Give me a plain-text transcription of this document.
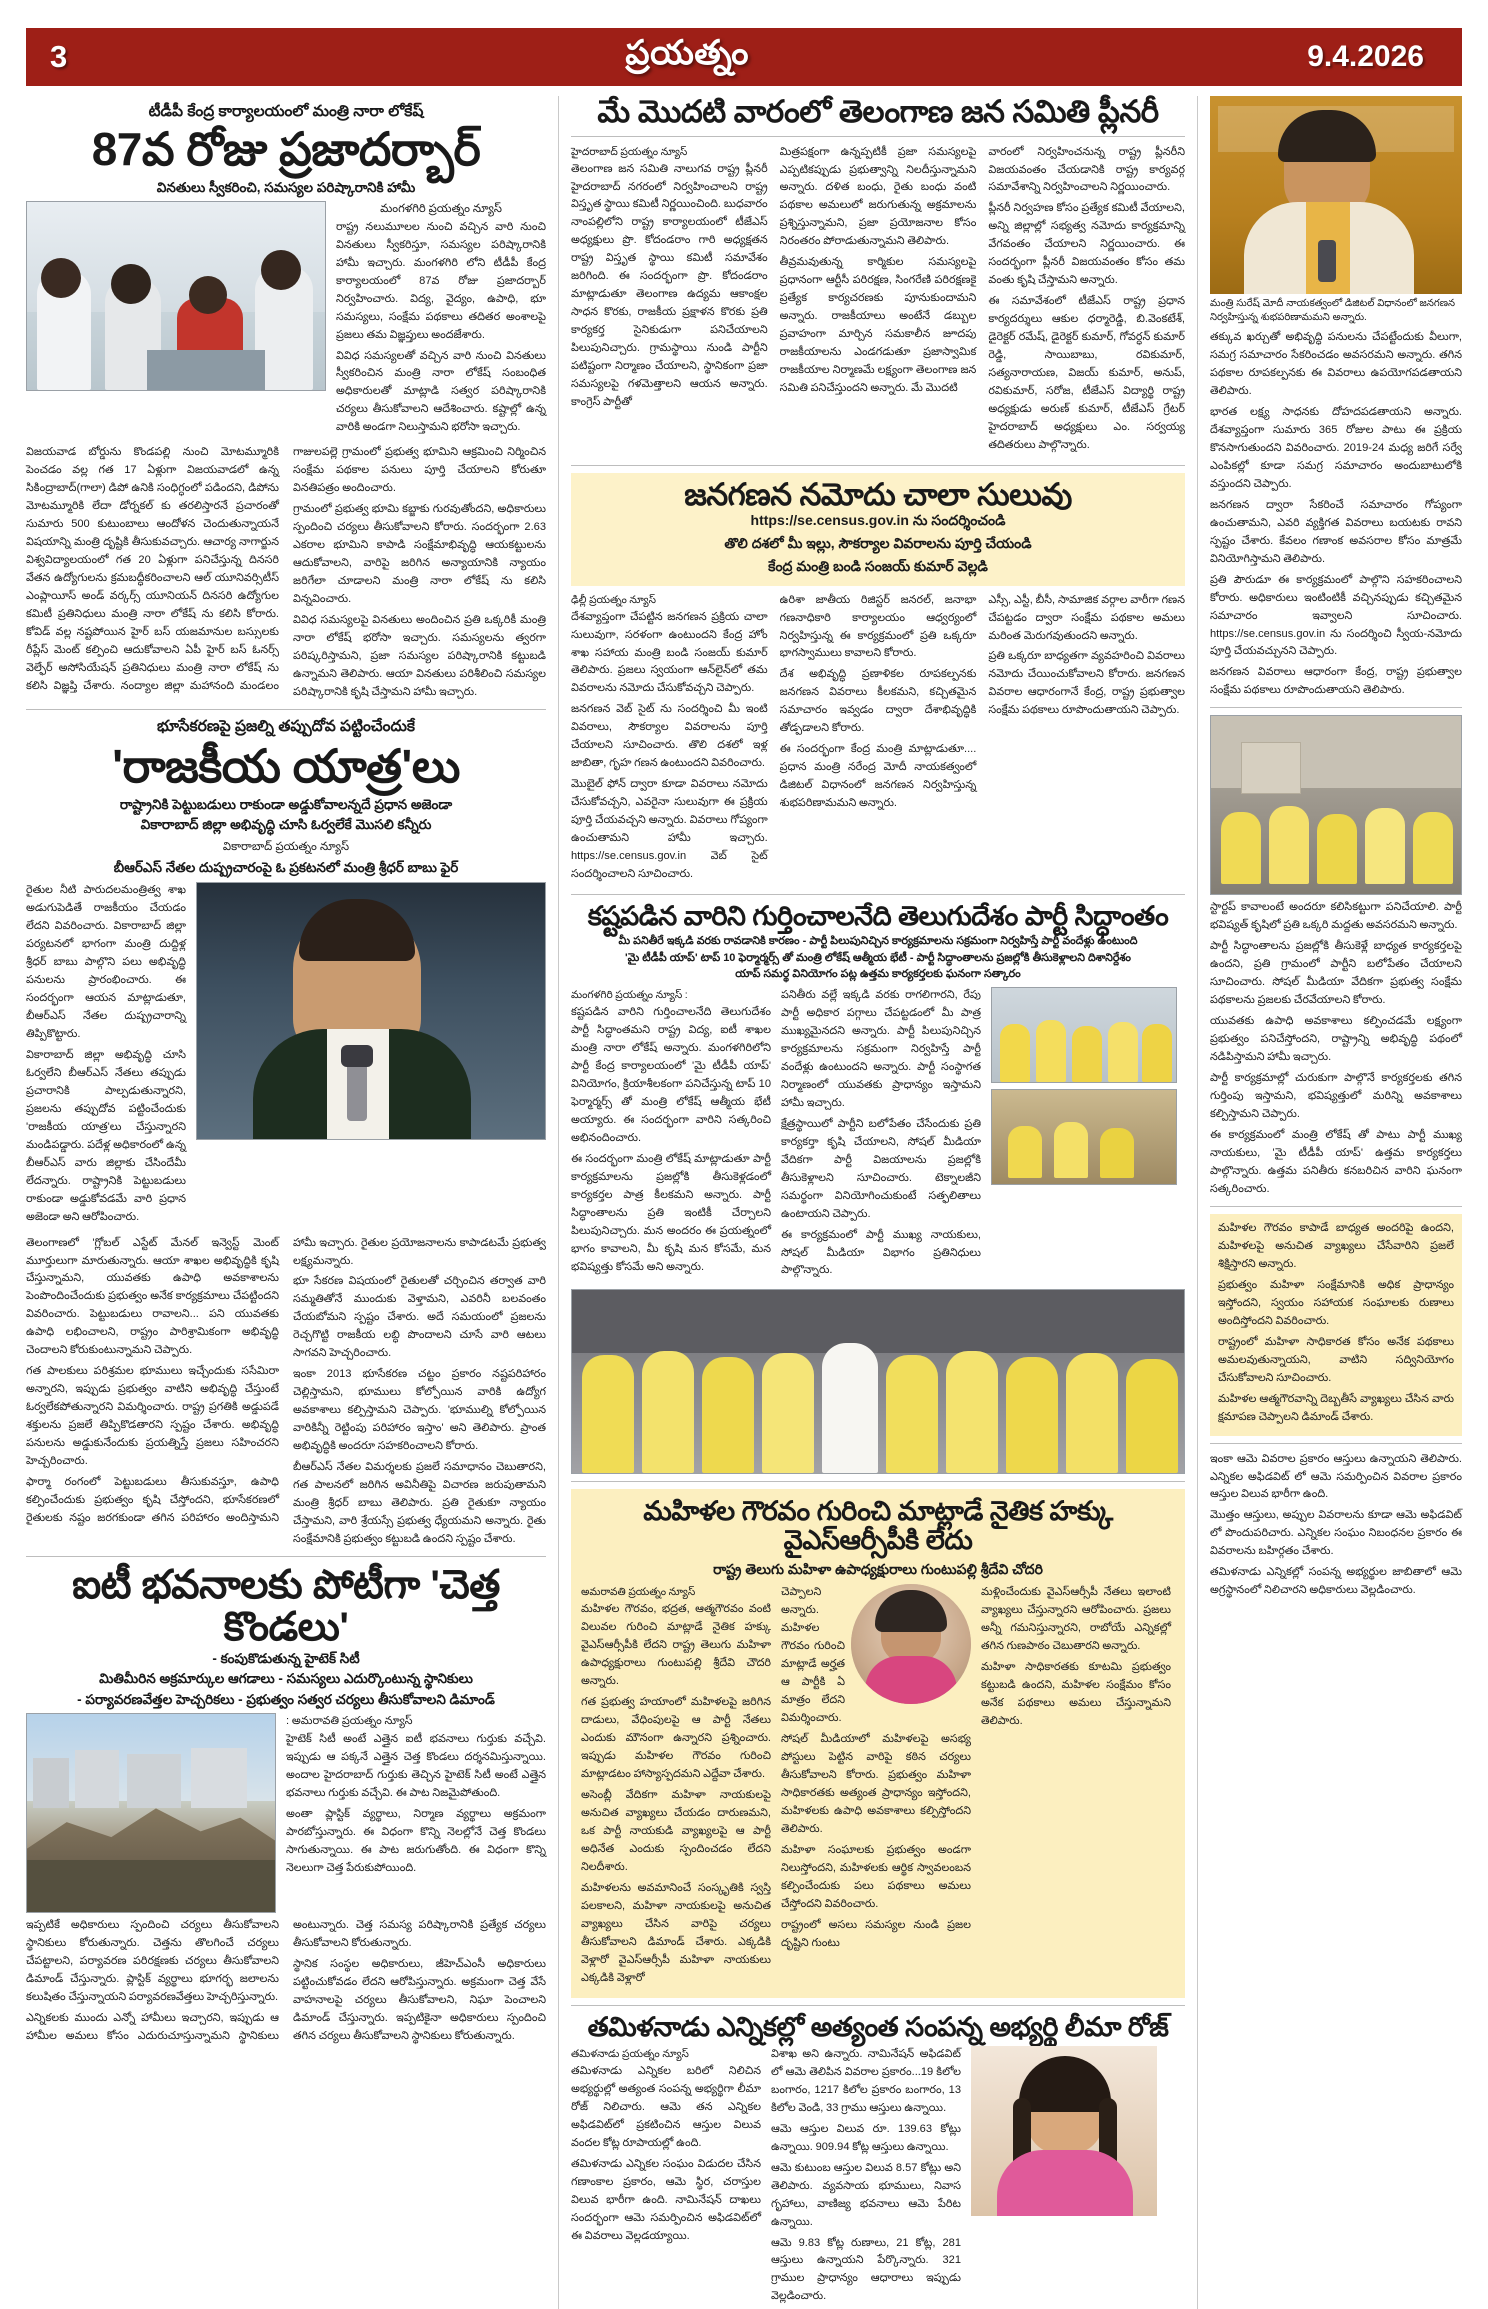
3	ప్రయత్నం	9.4.2026
టీడీపీ కేంద్ర కార్యాలయంలో మంత్రి నారా లోకేష్
87వ రోజు ప్రజాదర్బార్
వినతులు స్వీకరించి, సమస్యల పరిష్కారానికి హామీ
మంగళగిరి ప్రయత్నం న్యూస్

రాష్ట్ర నలుమూలల నుంచి వచ్చిన వారి నుంచి వినతులు స్వీకరిస్తూ, సమస్యల పరిష్కారానికి హామీ ఇచ్చారు. మంగళగిరి లోని టీడీపీ కేంద్ర కార్యాలయంలో 87వ రోజు ప్రజాదర్బార్ నిర్వహించారు. విద్య, వైద్యం, ఉపాధి, భూ సమస్యలు, సంక్షేమ పథకాలు తదితర అంశాలపై ప్రజలు తమ విజ్ఞప్తులు అందజేశారు.

వివిధ సమస్యలతో వచ్చిన వారి నుంచి వినతులు స్వీకరించిన మంత్రి నారా లోకేష్ సంబంధిత అధికారులతో మాట్లాడి సత్వర పరిష్కారానికి చర్యలు తీసుకోవాలని ఆదేశించారు. కష్టాల్లో ఉన్న వారికి అండగా నిలుస్తామని భరోసా ఇచ్చారు.

విజయవాడ బోర్డును కొండపల్లి నుంచి మోటమ్మూరికి పెంచడం వల్ల గత 17 ఏళ్లుగా విజయవాడలో ఉన్న సికింద్రాబాద్(గాలా) డిపో ఉనికి సంధిగ్ధంలో పడిందని, డిపోను మోటమ్మూరికి లేదా డోర్నకల్ కు తరలిస్తారనే ప్రచారంతో సుమారు 500 కుటుంబాలు ఆందోళన చెందుతున్నాయనే విషయాన్ని మంత్రి దృష్టికి తీసుకువచ్చారు. ఆచార్య నాగార్జున విశ్వవిద్యాలయంలో గత 20 ఏళ్లుగా పనిచేస్తున్న దినసరి వేతన ఉద్యోగులను క్రమబద్ధీకరించాలని ఆల్ యూనివర్సిటీస్ ఎంప్లాయీస్ అండ్ వర్కర్స్ యూనియన్ దినసరి ఉద్యోగుల కమిటీ ప్రతినిధులు మంత్రి నారా లోకేష్ ను కలిసి కోరారు. కోవిడ్ వల్ల నష్టపోయిన హైర్ బస్ యజమానుల బస్సులకు రీప్లేస్ మెంట్ కల్పించి ఆదుకోవాలని ఏపీ హైర్ బస్ ఓనర్స్ వెల్ఫేర్ అసోసియేషన్ ప్రతినిధులు మంత్రి నారా లోకేష్ ను కలిసి విజ్ఞప్తి చేశారు. నంద్యాల జిల్లా మహానంది మండలం గాజులపల్లె గ్రామంలో ప్రభుత్వ భూమిని ఆక్రమించి నిర్మించిన సంక్షేమ పథకాల పనులు పూర్తి చేయాలని కోరుతూ వినతిపత్రం అందించారు.

గ్రామంలో ప్రభుత్వ భూమి కబ్జాకు గురవుతోందని, అధికారులు స్పందించి చర్యలు తీసుకోవాలని కోరారు. సందర్భంగా 2.63 ఎకరాల భూమిని కాపాడి సంక్షేమాభివృద్ధి ఆయకట్టులను ఆదుకోవాలని, వారిపై జరిగిన అన్యాయానికి న్యాయం జరిగేలా చూడాలని మంత్రి నారా లోకేష్ ను కలిసి విన్నవించారు.

వివిధ సమస్యలపై వినతులు అందించిన ప్రతి ఒక్కరికీ మంత్రి నారా లోకేష్ భరోసా ఇచ్చారు. సమస్యలను త్వరగా పరిష్కరిస్తామని, ప్రజా సమస్యల పరిష్కారానికి కట్టుబడి ఉన్నామని తెలిపారు. ఆయా వినతులు పరిశీలించి సమస్యల పరిష్కారానికి కృషి చేస్తామని హామీ ఇచ్చారు.

భూసేకరణపై ప్రజల్ని తప్పుదోవ పట్టించేందుకే
'రాజకీయ యాత్ర'లు
రాష్ట్రానికి పెట్టుబడులు రాకుండా అడ్డుకోవాలన్నదే ప్రధాన అజెండా
వికారాబాద్ జిల్లా అభివృద్ధి చూసి ఓర్వలేకే మొసలి కన్నీరు
వికారాబాద్ ప్రయత్నం న్యూస్
బీఆర్ఎస్ నేతల దుష్ప్రచారంపై ఓ ప్రకటనలో మంత్రి శ్రీధర్ బాబు ఫైర్

రైతుల నీటి పారుదలమంత్రిత్వ శాఖ అడుగుపెడితే రాజకీయం చేయడం లేదని వివరించారు. వికారాబాద్ జిల్లా పర్యటనలో భాగంగా మంత్రి దుద్దిళ్ల శ్రీధర్ బాబు పాల్గొని పలు అభివృద్ధి పనులను ప్రారంభించారు. ఈ సందర్భంగా ఆయన మాట్లాడుతూ, బీఆర్ఎస్ నేతల దుష్ప్రచారాన్ని తిప్పికొట్టారు.

వికారాబాద్ జిల్లా అభివృద్ధి చూసి ఓర్వలేని బీఆర్ఎస్ నేతలు తప్పుడు ప్రచారానికి పాల్పడుతున్నారని, ప్రజలను తప్పుదోవ పట్టించేందుకు 'రాజకీయ యాత్ర'లు చేస్తున్నారని మండిపడ్డారు. పదేళ్ల అధికారంలో ఉన్న బీఆర్ఎస్ వారు జిల్లాకు చేసిందేమీ లేదన్నారు. రాష్ట్రానికి పెట్టుబడులు రాకుండా అడ్డుకోవడమే వారి ప్రధాన అజెండా అని ఆరోపించారు.

తెలంగాణలో 'గ్లోబల్ ఎస్టేట్ మేనల్ ఇన్వెస్ట్ మెంట్ మూర్తులుగా మారుతున్నారు. ఆయా శాఖల అభివృద్ధికి కృషి చేస్తున్నామని, యువతకు ఉపాధి అవకాశాలను పెంపొందించేందుకు ప్రభుత్వం అనేక కార్యక్రమాలు చేపట్టిందని వివరించారు. పెట్టుబడులు రావాలని... పని యువతకు ఉపాధి లభించాలని, రాష్ట్రం పారిశ్రామికంగా అభివృద్ధి చెందాలని కోరుకుంటున్నామని చెప్పారు.

గత పాలకులు పరిశ్రమల భూములు ఇచ్చేందుకు ససేమిరా అన్నారని, ఇప్పుడు ప్రభుత్వం వాటిని అభివృద్ధి చేస్తుంటే ఓర్వలేకపోతున్నారని విమర్శించారు. రాష్ట్ర ప్రగతికి అడ్డుపడే శక్తులను ప్రజలే తిప్పికొడతారని స్పష్టం చేశారు. అభివృద్ధి పనులను అడ్డుకునేందుకు ప్రయత్నిస్తే ప్రజలు సహించరని హెచ్చరించారు.

ఫార్మా రంగంలో పెట్టుబడులు తీసుకువస్తూ, ఉపాధి కల్పించేందుకు ప్రభుత్వం కృషి చేస్తోందని, భూసేకరణలో రైతులకు నష్టం జరగకుండా తగిన పరిహారం అందిస్తామని హామీ ఇచ్చారు. రైతుల ప్రయోజనాలను కాపాడటమే ప్రభుత్వ లక్ష్యమన్నారు.

భూ సేకరణ విషయంలో రైతులతో చర్చించిన తర్వాత వారి సమ్మతితోనే ముందుకు వెళ్తామని, ఎవరినీ బలవంతం చేయబోమని స్పష్టం చేశారు. అదే సమయంలో ప్రజలను రెచ్చగొట్టి రాజకీయ లబ్ధి పొందాలని చూసే వారి ఆటలు సాగవని హెచ్చరించారు.

ఇంకా 2013 భూసేకరణ చట్టం ప్రకారం నష్టపరిహారం చెల్లిస్తామని, భూములు కోల్పోయిన వారికి ఉద్యోగ అవకాశాలు కల్పిస్తామని చెప్పారు. 'భూముల్ని కోల్పోయిన వారికిన్నీ రెట్టింపు పరిహారం ఇస్తాం' అని తెలిపారు. ప్రాంత అభివృద్ధికి అందరూ సహకరించాలని కోరారు.

బీఆర్ఎస్ నేతల విమర్శలకు ప్రజలే సమాధానం చెబుతారని, గత పాలనలో జరిగిన అవినీతిపై విచారణ జరుపుతామని మంత్రి శ్రీధర్ బాబు తెలిపారు. ప్రతి రైతుకూ న్యాయం చేస్తామని, వారి శ్రేయస్సే ప్రభుత్వ ధ్యేయమని అన్నారు. రైతు సంక్షేమానికి ప్రభుత్వం కట్టుబడి ఉందని స్పష్టం చేశారు.

ఐటీ భవనాలకు పోటీగా 'చెత్త కొండలు'
- కంపుకొడుతున్న హైటెక్ సిటీ
మితిమీరిన అక్రమార్కుల ఆగడాలు - సమస్యలు ఎదుర్కొంటున్న స్థానికులు
- పర్యావరణవేత్తల హెచ్చరికలు - ప్రభుత్వం సత్వర చర్యలు తీసుకోవాలని డిమాండ్
: అమరావతి ప్రయత్నం న్యూస్

హైటెక్ సిటీ అంటే ఎత్తైన ఐటీ భవనాలు గుర్తుకు వచ్చేవి. ఇప్పుడు ఆ పక్కనే ఎత్తైన చెత్త కొండలు దర్శనమిస్తున్నాయి. అందాల హైదరాబాద్ గుర్తుకు తెచ్చిన హైటెక్ సిటీ అంటే ఎత్తైన భవనాలు గుర్తుకు వచ్చేవి. ఈ పాట నిజమైపోతుంది.

అంతా ప్లాస్టిక్ వ్యర్థాలు, నిర్మాణ వ్యర్థాలు అక్రమంగా పారబోస్తున్నారు. ఈ విధంగా కొన్ని నెలల్లోనే చెత్త కొండలు సాగుతున్నాయి. ఈ పాట జరుగుతోంది. ఈ విధంగా కొన్ని నెలలుగా చెత్త పేరుకుపోయింది.

ఇప్పటికే అధికారులు స్పందించి చర్యలు తీసుకోవాలని స్థానికులు కోరుతున్నారు. చెత్తను తొలగించే చర్యలు చేపట్టాలని, పర్యావరణ పరిరక్షణకు చర్యలు తీసుకోవాలని డిమాండ్ చేస్తున్నారు. ప్లాస్టిక్ వ్యర్థాలు భూగర్భ జలాలను కలుషితం చేస్తున్నాయని పర్యావరణవేత్తలు హెచ్చరిస్తున్నారు.

ఎన్నికలకు ముందు ఎన్నో హామీలు ఇచ్చారని, ఇప్పుడు ఆ హామీల అమలు కోసం ఎదురుచూస్తున్నామని స్థానికులు అంటున్నారు. చెత్త సమస్య పరిష్కారానికి ప్రత్యేక చర్యలు తీసుకోవాలని కోరుతున్నారు.

స్థానిక సంస్థల అధికారులు, జీహెచ్ఎంసీ అధికారులు పట్టించుకోవడం లేదని ఆరోపిస్తున్నారు. అక్రమంగా చెత్త వేసే వాహనాలపై చర్యలు తీసుకోవాలని, నిఘా పెంచాలని డిమాండ్ చేస్తున్నారు. ఇప్పటికైనా అధికారులు స్పందించి తగిన చర్యలు తీసుకోవాలని స్థానికులు కోరుతున్నారు.

మే మొదటి వారంలో తెలంగాణ జన సమితి ప్లీనరీ
హైదరాబాద్ ప్రయత్నం న్యూస్

తెలంగాణ జన సమితి నాలుగవ రాష్ట్ర ప్లీనరీ హైదరాబాద్ నగరంలో నిర్వహించాలని రాష్ట్ర విస్తృత స్థాయి కమిటీ నిర్ణయించింది. బుధవారం నాంపల్లిలోని రాష్ట్ర కార్యాలయంలో టీజేఎస్ అధ్యక్షులు ప్రొ. కోదండరాం గారి అధ్యక్షతన రాష్ట్ర విస్తృత స్థాయి కమిటీ సమావేశం జరిగింది. ఈ సందర్భంగా ప్రొ. కోదండరాం మాట్లాడుతూ తెలంగాణ ఉద్యమ ఆకాంక్షల సాధన కొరకు, రాజకీయ ప్రక్షాళన కొరకు ప్రతి కార్యకర్త సైనికుడుగా పనిచేయాలని పిలుపునిచ్చారు. గ్రామస్థాయి నుండి పార్టీని పటిష్టంగా నిర్మాణం చేయాలని, స్థానికంగా ప్రజా సమస్యలపై గళమెత్తాలని ఆయన అన్నారు. కాంగ్రెస్ పార్టీతో

మిత్రపక్షంగా ఉన్నప్పటికీ ప్రజా సమస్యలపై ఎప్పటికప్పుడు ప్రభుత్వాన్ని నిలదీస్తున్నామని అన్నారు. దళిత బంధు, రైతు బంధు వంటి పథకాల అమలులో జరుగుతున్న అక్రమాలను ప్రశ్నిస్తున్నామని, ప్రజా ప్రయోజనాల కోసం నిరంతరం పోరాడుతున్నామని తెలిపారు.

తీవ్రమవుతున్న కార్మికుల సమస్యలపై ప్రధానంగా ఆర్టీసీ పరిరక్షణ, సింగరేణి పరిరక్షణకై ప్రత్యేక కార్యచరణకు పూనుకుందామని అన్నారు. రాజకీయాలు అంటేనే డబ్బుల ప్రవాహంగా మార్చిన సమకాలీన జూదపు రాజకీయాలను ఎండగడుతూ ప్రజాస్వామిక రాజకీయాల నిర్మాణమే లక్ష్యంగా తెలంగాణ జన సమితి పనిచేస్తుందని అన్నారు. మే మొదటి

వారంలో నిర్వహించనున్న రాష్ట్ర ప్లీనరీని విజయవంతం చేయడానికి రాష్ట్ర కార్యవర్గ సమావేశాన్ని నిర్వహించాలని నిర్ణయించారు.

ప్లీనరీ నిర్వహణ కోసం ప్రత్యేక కమిటీ వేయాలని, అన్ని జిల్లాల్లో సభ్యత్వ నమోదు కార్యక్రమాన్ని వేగవంతం చేయాలని నిర్ణయించారు. ఈ సందర్భంగా ప్లీనరీ విజయవంతం కోసం తమ వంతు కృషి చేస్తామని అన్నారు.

ఈ సమావేశంలో టీజేఎస్ రాష్ట్ర ప్రధాన కార్యదర్శులు ఆకుల ధర్మారెడ్డి, బి.వెంకటేశ్, డైరెక్టర్ రమేష్, డైరెక్టర్ కుమార్, గోవర్ధన్ కుమార్ రెడ్డి, సాయిబాబు, రవికుమార్, సత్యనారాయణ, విజయ్ కుమార్, అనుప్, రవికుమార్, సరోజ, టీజేఎస్ విద్యార్థి రాష్ట్ర అధ్యక్షుడు అరుణ్ కుమార్, టీజేఎస్ గ్రేటర్ హైదరాబాద్ అధ్యక్షులు ఎం. సర్వయ్య తదితరులు పాల్గొన్నారు.

జనగణన నమోదు చాలా సులువు
https://se.census.gov.in ను సందర్శించండి
తొలి దశలో మీ ఇల్లు, సౌకర్యాల వివరాలను పూర్తి చేయండి
కేంద్ర మంత్రి బండి సంజయ్ కుమార్ వెల్లడి
ఢిల్లీ ప్రయత్నం న్యూస్

దేశవ్యాప్తంగా చేపట్టిన జనగణన ప్రక్రియ చాలా సులువుగా, సరళంగా ఉంటుందని కేంద్ర హోం శాఖ సహాయ మంత్రి బండి సంజయ్ కుమార్ తెలిపారు. ప్రజలు స్వయంగా ఆన్‌లైన్‌లో తమ వివరాలను నమోదు చేసుకోవచ్చని చెప్పారు.

జనగణన వెబ్ సైట్ ను సందర్శించి మీ ఇంటి వివరాలు, సౌకర్యాల వివరాలను పూర్తి చేయాలని సూచించారు. తొలి దశలో ఇళ్ల జాబితా, గృహ గణన ఉంటుందని వివరించారు.

మొబైల్ ఫోన్ ద్వారా కూడా వివరాలు నమోదు చేసుకోవచ్చని, ఎవరైనా సులువుగా ఈ ప్రక్రియ పూర్తి చేయవచ్చని అన్నారు. వివరాలు గోప్యంగా ఉంచుతామని హామీ ఇచ్చారు. https://se.census.gov.in వెబ్ సైట్ సందర్శించాలని సూచించారు.

ఉరిశా జాతీయ రిజిస్టర్ జనరల్, జనాభా గణనాధికారి కార్యాలయం ఆధ్వర్యంలో నిర్వహిస్తున్న ఈ కార్యక్రమంలో ప్రతి ఒక్కరూ భాగస్వాములు కావాలని కోరారు.

దేశ అభివృద్ధి ప్రణాళికల రూపకల్పనకు జనగణన వివరాలు కీలకమని, కచ్చితమైన సమాచారం ఇవ్వడం ద్వారా దేశాభివృద్ధికి తోడ్పడాలని కోరారు.

ఈ సందర్భంగా కేంద్ర మంత్రి మాట్లాడుతూ.... ప్రధాన మంత్రి నరేంద్ర మోదీ నాయకత్వంలో డిజిటల్ విధానంలో జనగణన నిర్వహిస్తున్న శుభపరిణామమని అన్నారు.

ఎస్సీ, ఎస్టీ, బీసీ, సామాజిక వర్గాల వారీగా గణన చేపట్టడం ద్వారా సంక్షేమ పథకాల అమలు మరింత మెరుగవుతుందని అన్నారు.

ప్రతి ఒక్కరూ బాధ్యతగా వ్యవహరించి వివరాలు నమోదు చేయించుకోవాలని కోరారు. జనగణన వివరాల ఆధారంగానే కేంద్ర, రాష్ట్ర ప్రభుత్వాల సంక్షేమ పథకాలు రూపొందుతాయని చెప్పారు.

కష్టపడిన వారిని గుర్తించాలనేది తెలుగుదేశం పార్టీ సిద్ధాంతం
మీ పనితీరే ఇక్కడి వరకు రావడానికి కారణం - పార్టీ పిలుపునిచ్చిన కార్యక్రమాలను సక్రమంగా నిర్వహిస్తే పార్టీ వందేళ్లు ఉంటుంది
'మై టీడీపీ యాప్' టాప్ 10 ఫెర్మార్మర్స్ తో మంత్రి లోకేష్ ఆత్మీయ భేటీ - పార్టీ సిద్ధాంతాలను ప్రజల్లోకి తీసుకెళ్లాలని దిశానిర్దేశం
యాప్ సమర్థ వినియోగం పట్ల ఉత్తమ కార్యకర్తలకు ఘనంగా సత్కారం
మంగళగిరి ప్రయత్నం న్యూస్ :

కష్టపడిన వారిని గుర్తించాలనేది తెలుగుదేశం పార్టీ సిద్ధాంతమని రాష్ట్ర విద్య, ఐటీ శాఖల మంత్రి నారా లోకేష్ అన్నారు. మంగళగిరిలోని పార్టీ కేంద్ర కార్యాలయంలో 'మై టీడీపీ యాప్' వినియోగం, క్రియాశీలకంగా పనిచేస్తున్న టాప్ 10 ఫెర్మార్మర్స్ తో మంత్రి లోకేష్ ఆత్మీయ భేటీ అయ్యారు. ఈ సందర్భంగా వారిని సత్కరించి అభినందించారు.

ఈ సందర్భంగా మంత్రి లోకేష్ మాట్లాడుతూ పార్టీ కార్యక్రమాలను ప్రజల్లోకి తీసుకెళ్లడంలో కార్యకర్తల పాత్ర కీలకమని అన్నారు. పార్టీ సిద్ధాంతాలను ప్రతి ఇంటికీ చేర్చాలని పిలుపునిచ్చారు. మన అందరం ఈ ప్రయత్నంలో భాగం కావాలని, మీ కృషి మన కోసమే, మన భవిష్యత్తు కోసమే అని అన్నారు.

పనితీరు వల్లే ఇక్కడి వరకు రాగలిగారని, రేపు పార్టీ అధికార పగ్గాలు చేపట్టడంలో మీ పాత్ర ముఖ్యమైనదని అన్నారు. పార్టీ పిలుపునిచ్చిన కార్యక్రమాలను సక్రమంగా నిర్వహిస్తే పార్టీ వందేళ్లు ఉంటుందని అన్నారు. పార్టీ సంస్థాగత నిర్మాణంలో యువతకు ప్రాధాన్యం ఇస్తామని హామీ ఇచ్చారు.

క్షేత్రస్థాయిలో పార్టీని బలోపేతం చేసేందుకు ప్రతి కార్యకర్తా కృషి చేయాలని, సోషల్ మీడియా వేదికగా పార్టీ విజయాలను ప్రజల్లోకి తీసుకెళ్లాలని సూచించారు. టెక్నాలజీని సమర్థంగా వినియోగించుకుంటే సత్ఫలితాలు ఉంటాయని చెప్పారు.

ఈ కార్యక్రమంలో పార్టీ ముఖ్య నాయకులు, సోషల్ మీడియా విభాగం ప్రతినిధులు పాల్గొన్నారు.

మహిళల గౌరవం గురించి మాట్లాడే నైతిక హక్కు వైఎస్ఆర్సీపీకి లేదు
రాష్ట్ర తెలుగు మహిళా ఉపాధ్యక్షురాలు గుంటుపల్లి శ్రీదేవి చోదరి
అమరావతి ప్రయత్నం న్యూస్

మహిళల గౌరవం, భద్రత, ఆత్మగౌరవం వంటి విలువల గురించి మాట్లాడే నైతిక హక్కు వైఎస్ఆర్సీపీకి లేదని రాష్ట్ర తెలుగు మహిళా ఉపాధ్యక్షురాలు గుంటుపల్లి శ్రీదేవి చౌదరి అన్నారు.

గత ప్రభుత్వ హయాంలో మహిళలపై జరిగిన దాడులు, వేధింపులపై ఆ పార్టీ నేతలు ఎందుకు మౌనంగా ఉన్నారని ప్రశ్నించారు. ఇప్పుడు మహిళల గౌరవం గురించి మాట్లాడటం హాస్యాస్పదమని ఎద్దేవా చేశారు.

అసెంబ్లీ వేదికగా మహిళా నాయకులపై అనుచిత వ్యాఖ్యలు చేయడం దారుణమని, ఒక పార్టీ నాయకుడి వ్యాఖ్యలపై ఆ పార్టీ అధినేత ఎందుకు స్పందించడం లేదని నిలదీశారు.

మహిళలను అవమానించే సంస్కృతికి స్వస్తి పలకాలని, మహిళా నాయకులపై అనుచిత వ్యాఖ్యలు చేసిన వారిపై చర్యలు తీసుకోవాలని డిమాండ్ చేశారు. ఎక్కడికి వెళ్లారో వైఎస్ఆర్సీపీ మహిళా నాయకులు ఎక్కడికి వెళ్లారో

చెప్పాలని అన్నారు. మహిళల గౌరవం గురించి మాట్లాడే అర్హత ఆ పార్టీకి ఏ మాత్రం లేదని విమర్శించారు.

సోషల్ మీడియాలో మహిళలపై అసభ్య పోస్టులు పెట్టిన వారిపై కఠిన చర్యలు తీసుకోవాలని కోరారు. ప్రభుత్వం మహిళా సాధికారతకు అత్యంత ప్రాధాన్యం ఇస్తోందని, మహిళలకు ఉపాధి అవకాశాలు కల్పిస్తోందని తెలిపారు.

మహిళా సంఘాలకు ప్రభుత్వం అండగా నిలుస్తోందని, మహిళలకు ఆర్థిక స్వావలంబన కల్పించేందుకు పలు పథకాలు అమలు చేస్తోందని వివరించారు.

రాష్ట్రంలో అసలు సమస్యల నుండి ప్రజల దృష్టిని గుంటు

మళ్లించేందుకు వైఎస్ఆర్సీపీ నేతలు ఇలాంటి వ్యాఖ్యలు చేస్తున్నారని ఆరోపించారు. ప్రజలు అన్నీ గమనిస్తున్నారని, రాబోయే ఎన్నికల్లో తగిన గుణపాఠం చెబుతారని అన్నారు.

మహిళా సాధికారతకు కూటమి ప్రభుత్వం కట్టుబడి ఉందని, మహిళల సంక్షేమం కోసం అనేక పథకాలు అమలు చేస్తున్నామని తెలిపారు.

తమిళనాడు ఎన్నికల్లో అత్యంత సంపన్న అభ్యర్థి లీమా రోజ్
తమిళనాడు ప్రయత్నం న్యూస్

తమిళనాడు ఎన్నికల బరిలో నిలిచిన అభ్యర్థుల్లో అత్యంత సంపన్న అభ్యర్థిగా లీమా రోజ్ నిలిచారు. ఆమె తన ఎన్నికల అఫిడవిట్‌లో ప్రకటించిన ఆస్తుల విలువ వందల కోట్ల రూపాయల్లో ఉంది.

తమిళనాడు ఎన్నికల సంఘం విడుదల చేసిన గణాంకాల ప్రకారం, ఆమె స్థిర, చరాస్తుల విలువ భారీగా ఉంది. నామినేషన్ దాఖలు సందర్భంగా ఆమె సమర్పించిన అఫిడవిట్‌లో ఈ వివరాలు వెల్లడయ్యాయి.

విశాఖ అని ఉన్నారు. నామినేషన్ అఫిడవిట్ లో ఆమె తెలిపిన వివరాల ప్రకారం...19 కిలోల బంగారం, 1217 కిలోల ప్రకారం బంగారం, 13 కిలోల వెండి, 33 గ్రాము ఆస్తులు ఉన్నాయి.

ఆమె ఆస్తుల విలువ రూ. 139.63 కోట్లు ఉన్నాయి. 909.94 కోట్ల ఆస్తులు ఉన్నాయి.

ఆమె కుటుంబ ఆస్తుల విలువ 8.57 కోట్లు అని తెలిపారు. వ్యవసాయ భూములు, నివాస గృహాలు, వాణిజ్య భవనాలు ఆమె పేరిట ఉన్నాయి.

ఆమె 9.83 కోట్ల రుణాలు, 21 కోట్ల, 281 ఆస్తులు ఉన్నాయని పేర్కొన్నారు. 321 గ్రాముల ప్రాధాన్యం ఆధారాలు ఇప్పుడు వెల్లడించారు.

మంత్రి సురేష్ మోదీ నాయకత్వంలో డిజిటల్ విధానంలో జనగణన నిర్వహిస్తున్న శుభపరిణామమని అన్నారు.

తక్కువ ఖర్చుతో అభివృద్ధి పనులను చేపట్టేందుకు వీలుగా, సమగ్ర సమాచారం సేకరించడం అవసరమని అన్నారు. తగిన పథకాల రూపకల్పనకు ఈ వివరాలు ఉపయోగపడతాయని తెలిపారు.

భారత లక్ష్య సాధనకు దోహదపడతాయని అన్నారు. దేశవ్యాప్తంగా సుమారు 365 రోజుల పాటు ఈ ప్రక్రియ కొనసాగుతుందని వివరించారు. 2019-24 మధ్య జరిగే సర్వే ఎంపికల్లో కూడా సమగ్ర సమాచారం అందుబాటులోకి వస్తుందని చెప్పారు.

జనగణన ద్వారా సేకరించే సమాచారం గోప్యంగా ఉంచుతామని, ఎవరి వ్యక్తిగత వివరాలు బయటకు రావని స్పష్టం చేశారు. కేవలం గణాంక అవసరాల కోసం మాత్రమే వినియోగిస్తామని తెలిపారు.

ప్రతి పౌరుడూ ఈ కార్యక్రమంలో పాల్గొని సహకరించాలని కోరారు. అధికారులు ఇంటింటికీ వచ్చినప్పుడు కచ్చితమైన సమాచారం ఇవ్వాలని సూచించారు. https://se.census.gov.in ను సందర్శించి స్వీయ-నమోదు పూర్తి చేయవచ్చునని చెప్పారు.

జనగణన వివరాలు ఆధారంగా కేంద్ర, రాష్ట్ర ప్రభుత్వాల సంక్షేమ పథకాలు రూపొందుతాయని తెలిపారు.

స్టార్టప్ కావాలంటే అందరూ కలిసికట్టుగా పనిచేయాలి. పార్టీ భవిష్యత్ కృషిలో ప్రతి ఒక్కరి మద్దతు అవసరమని అన్నారు.

పార్టీ సిద్ధాంతాలను ప్రజల్లోకి తీసుకెళ్లే బాధ్యత కార్యకర్తలపై ఉందని, ప్రతి గ్రామంలో పార్టీని బలోపేతం చేయాలని సూచించారు. సోషల్ మీడియా వేదికగా ప్రభుత్వ సంక్షేమ పథకాలను ప్రజలకు చేరవేయాలని కోరారు.

యువతకు ఉపాధి అవకాశాలు కల్పించడమే లక్ష్యంగా ప్రభుత్వం పనిచేస్తోందని, రాష్ట్రాన్ని అభివృద్ధి పథంలో నడిపిస్తామని హామీ ఇచ్చారు.

పార్టీ కార్యక్రమాల్లో చురుకుగా పాల్గొనే కార్యకర్తలకు తగిన గుర్తింపు ఇస్తామని, భవిష్యత్తులో మరిన్ని అవకాశాలు కల్పిస్తామని చెప్పారు.

ఈ కార్యక్రమంలో మంత్రి లోకేష్ తో పాటు పార్టీ ముఖ్య నాయకులు, 'మై టీడీపీ యాప్' ఉత్తమ కార్యకర్తలు పాల్గొన్నారు. ఉత్తమ పనితీరు కనబరిచిన వారిని ఘనంగా సత్కరించారు.

మహిళల గౌరవం కాపాడే బాధ్యత అందరిపై ఉందని, మహిళలపై అనుచిత వ్యాఖ్యలు చేసేవారిని ప్రజలే శిక్షిస్తారని అన్నారు.

ప్రభుత్వం మహిళా సంక్షేమానికి అధిక ప్రాధాన్యం ఇస్తోందని, స్వయం సహాయక సంఘాలకు రుణాలు అందిస్తోందని వివరించారు.

రాష్ట్రంలో మహిళా సాధికారత కోసం అనేక పథకాలు అమలవుతున్నాయని, వాటిని సద్వినియోగం చేసుకోవాలని సూచించారు.

మహిళల ఆత్మగౌరవాన్ని దెబ్బతీసే వ్యాఖ్యలు చేసిన వారు క్షమాపణ చెప్పాలని డిమాండ్ చేశారు.

ఇంకా ఆమె వివరాల ప్రకారం ఆస్తులు ఉన్నాయని తెలిపారు. ఎన్నికల అఫిడవిట్ లో ఆమె సమర్పించిన వివరాల ప్రకారం ఆస్తుల విలువ భారీగా ఉంది.

మొత్తం ఆస్తులు, అప్పుల వివరాలను కూడా ఆమె అఫిడవిట్ లో పొందుపరిచారు. ఎన్నికల సంఘం నిబంధనల ప్రకారం ఈ వివరాలను బహిర్గతం చేశారు.

తమిళనాడు ఎన్నికల్లో సంపన్న అభ్యర్థుల జాబితాలో ఆమె అగ్రస్థానంలో నిలిచారని అధికారులు వెల్లడించారు.
